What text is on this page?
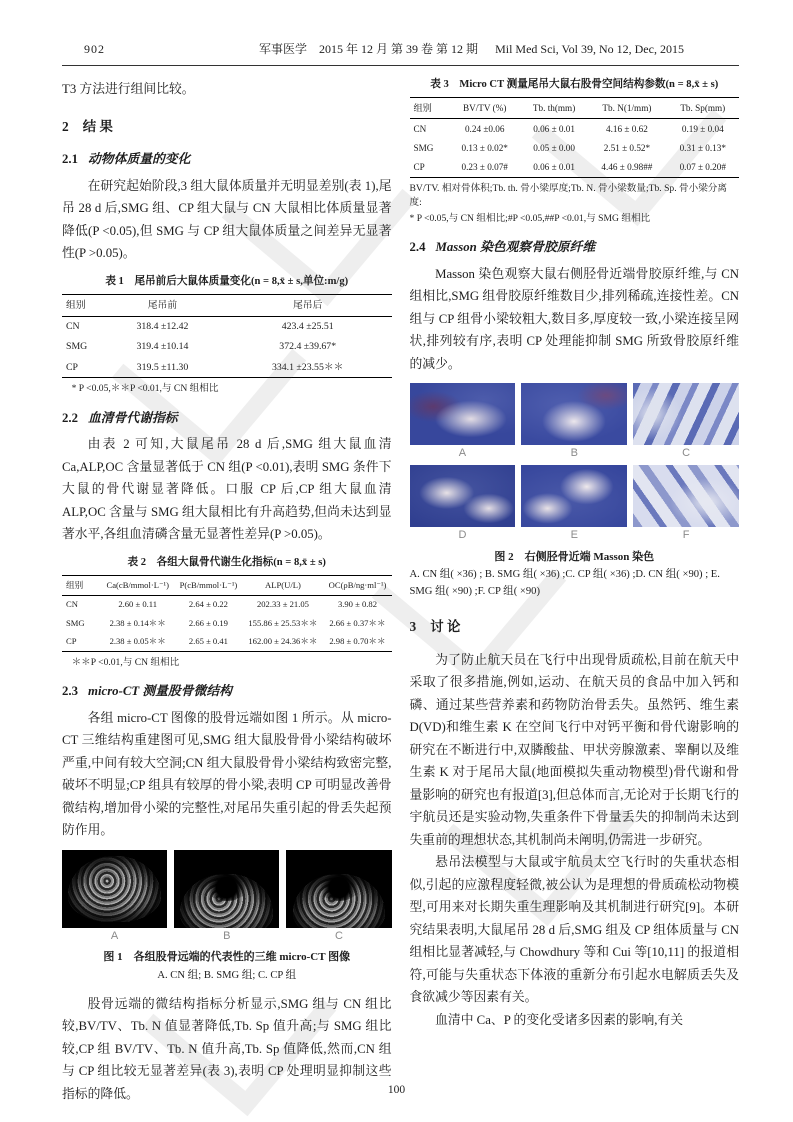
902	军事医学　2015 年 12 月 第 39 卷 第 12 期 Mil Med Sci, Vol 39, No 12, Dec, 2015

T3 方法进行组间比较。

2 结 果
2.1 动物体质量的变化

在研究起始阶段,3 组大鼠体质量并无明显差别(表 1),尾吊 28 d 后,SMG 组、CP 组大鼠与 CN 大鼠相比体质量显著降低(P <0.05),但 SMG 与 CP 组大鼠体质量之间差异无显著性(P >0.05)。

表 1　尾吊前后大鼠体质量变化(n = 8,x̄ ± s,单位:m/g)
组别	尾吊前	尾吊后
CN	318.4 ±12.42	423.4 ±25.51
SMG	319.4 ±10.14	372.4 ±39.67*
CP	319.5 ±11.30	334.1 ±23.55＊＊

* P <0.05,＊＊P <0.01,与 CN 组相比

2.2 血清骨代谢指标

由表 2 可知,大鼠尾吊 28 d 后,SMG 组大鼠血清 Ca,ALP,OC 含量显著低于 CN 组(P <0.01),表明 SMG 条件下大鼠的骨代谢显著降低。口服 CP 后,CP 组大鼠血清 ALP,OC 含量与 SMG 组大鼠相比有升高趋势,但尚未达到显著水平,各组血清磷含量无显著性差异(P >0.05)。

表 2　各组大鼠骨代谢生化指标(n = 8,x̄ ± s)
组别	Ca(cB/mmol·L⁻¹)	P(cB/mmol·L⁻¹)	ALP(U/L)	OC(ρB/ng·ml⁻¹)
CN	2.60 ± 0.11	2.64 ± 0.22	202.33 ± 21.05	3.90 ± 0.82
SMG	2.38 ± 0.14＊＊	2.66 ± 0.19	155.86 ± 25.53＊＊	2.66 ± 0.37＊＊
CP	2.38 ± 0.05＊＊	2.65 ± 0.41	162.00 ± 24.36＊＊	2.98 ± 0.70＊＊

＊＊P <0.01,与 CN 组相比

2.3 micro-CT 测量股骨微结构

各组 micro-CT 图像的股骨远端如图 1 所示。从 micro-CT 三维结构重建图可见,SMG 组大鼠股骨骨小梁结构破坏严重,中间有较大空洞;CN 组大鼠股骨骨小梁结构致密完整,破坏不明显;CP 组具有较厚的骨小梁,表明 CP 可明显改善骨微结构,增加骨小梁的完整性,对尾吊失重引起的骨丢失起预防作用。

A	B	C
图 1　各组股骨远端的代表性的三维 micro-CT 图像
A. CN 组; B. SMG 组; C. CP 组

股骨远端的微结构指标分析显示,SMG 组与 CN 组比较,BV/TV、Tb. N 值显著降低,Tb. Sp 值升高;与 SMG 组比较,CP 组 BV/TV、Tb. N 值升高,Tb. Sp 值降低,然而,CN 组与 CP 组比较无显著差异(表 3),表明 CP 处理明显抑制这些指标的降低。

表 3　Micro CT 测量尾吊大鼠右股骨空间结构参数(n = 8,x̄ ± s)
组别	BV/TV (%)	Tb. th(mm)	Tb. N(1/mm)	Tb. Sp(mm)
CN	0.24 ±0.06	0.06 ± 0.01	4.16 ± 0.62	0.19 ± 0.04
SMG	0.13 ± 0.02*	0.05 ± 0.00	2.51 ± 0.52*	0.31 ± 0.13*
CP	0.23 ± 0.07#	0.06 ± 0.01	4.46 ± 0.98##	0.07 ± 0.20#

BV/TV. 相对骨体积;Tb. th. 骨小梁厚度;Tb. N. 骨小梁数量;Tb. Sp. 骨小梁分离度:

* P <0.05,与 CN 组相比;#P <0.05,##P <0.01,与 SMG 组相比

2.4 Masson 染色观察骨胶原纤维

Masson 染色观察大鼠右侧胫骨近端骨胶原纤维,与 CN 组相比,SMG 组骨胶原纤维数目少,排列稀疏,连接性差。CN 组与 CP 组骨小梁较粗大,数目多,厚度较一致,小梁连接呈网状,排列较有序,表明 CP 处理能抑制 SMG 所致骨胶原纤维的减少。

A	B	C
D	E	F
图 2　右侧胫骨近端 Masson 染色
A. CN 组( ×36) ; B. SMG 组( ×36) ;C. CP 组( ×36) ;D. CN 组( ×90) ; E. SMG 组( ×90) ;F. CP 组( ×90)
3 讨 论

为了防止航天员在飞行中出现骨质疏松,目前在航天中采取了很多措施,例如,运动、在航天员的食品中加入钙和磷、通过某些营养素和药物防治骨丢失。虽然钙、维生素 D(VD)和维生素 K 在空间飞行中对钙平衡和骨代谢影响的研究在不断进行中,双膦酸盐、甲状旁腺激素、睾酮以及维生素 K 对于尾吊大鼠(地面模拟失重动物模型)骨代谢和骨量影响的研究也有报道[3],但总体而言,无论对于长期飞行的宇航员还是实验动物,失重条件下骨量丢失的抑制尚未达到失重前的理想状态,其机制尚未阐明,仍需进一步研究。

悬吊法模型与大鼠或宇航员太空飞行时的失重状态相似,引起的应激程度轻微,被公认为是理想的骨质疏松动物模型,可用来对长期失重生理影响及其机制进行研究[9]。本研究结果表明,大鼠尾吊 28 d 后,SMG 组及 CP 组体质量与 CN 组相比显著减轻,与 Chowdhury 等和 Cui 等[10,11] 的报道相符,可能与失重状态下体液的重新分布引起水电解质丢失及食欲减少等因素有关。

血清中 Ca、P 的变化受诸多因素的影响,有关

100
